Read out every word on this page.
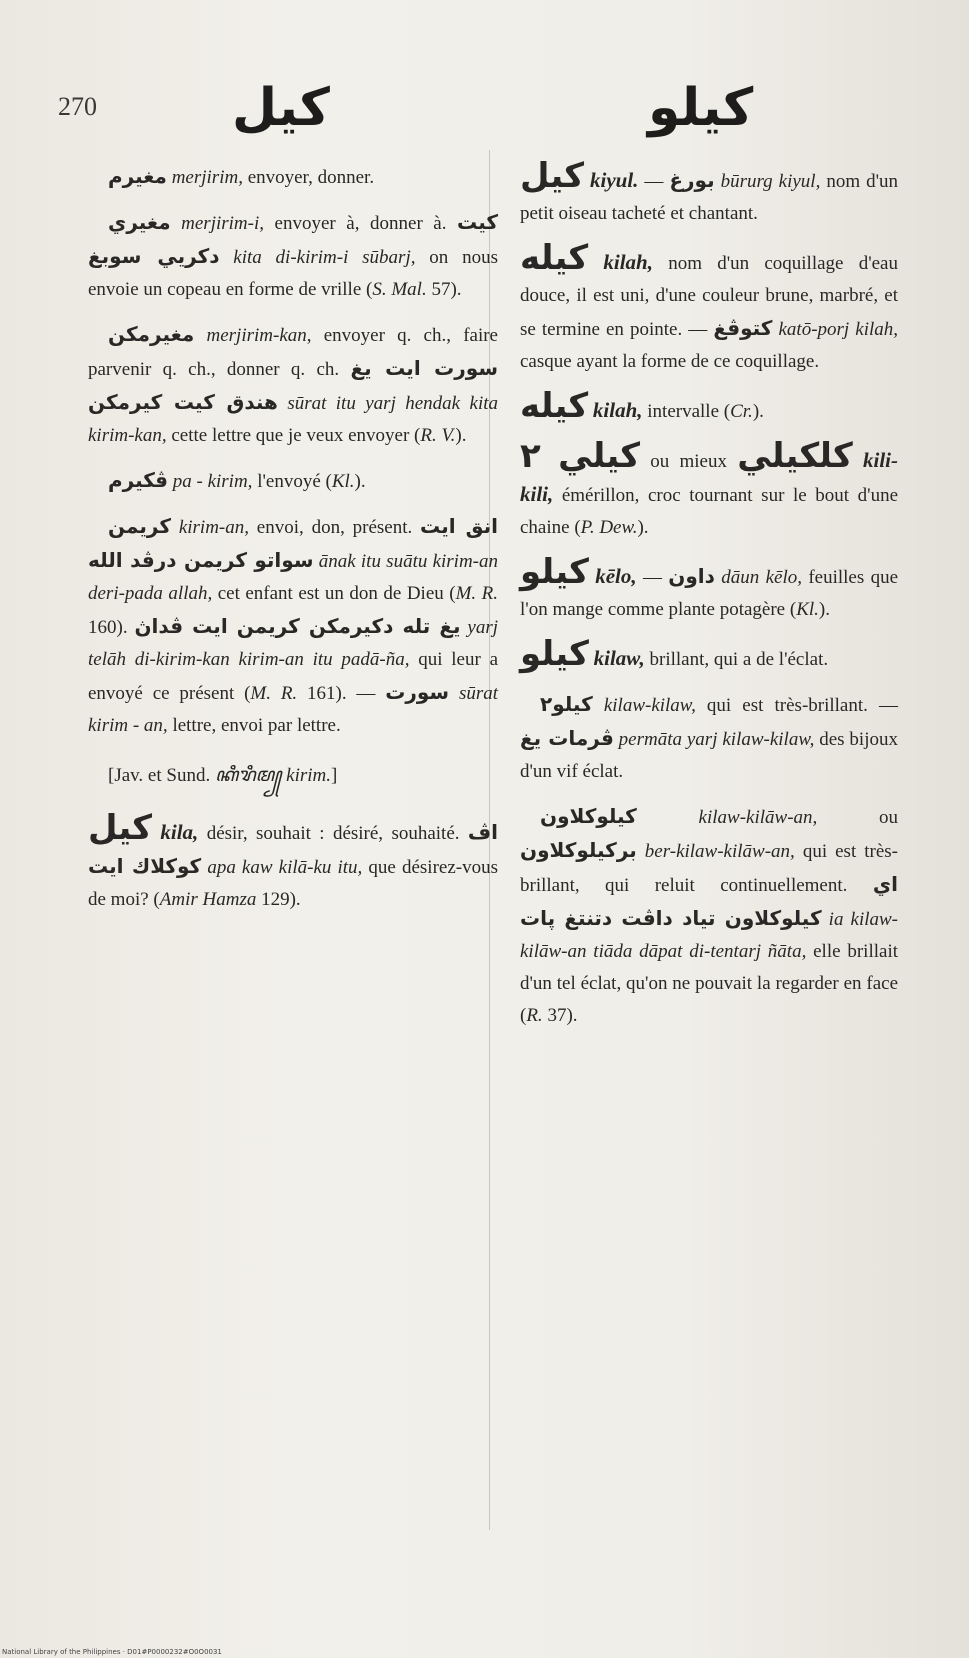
270	كيل	كيلو

مغيرم merjirim, envoyer, donner.

مغيري merjirim-i, envoyer à, donner à. كيت دكريي سوبغ kita di-kirim-i sūbarj, on nous envoie un copeau en forme de vrille (S. Mal. 57).

مغيرمكن merjirim-kan, envoyer q. ch., faire parvenir q. ch., donner q. ch. سورت ايت يغ هندق كيت كيرمكن sūrat itu yarj hendak kita kirim-kan, cette lettre que je veux envoyer (R. V.).

ڤكيرم pa - kirim, l'envoyé (Kl.).

كريمن kirim-an, envoi, don, présent. انق ايت سواتو كريمن درڤد الله ānak itu suātu kirim-an deri-pada allah, cet enfant est un don de Dieu (M. R. 160). يغ تله دكيرمكن كريمن ايت ڤداڽ yarj telāh di-kirim-kan kirim-an itu padā-ña, qui leur a envoyé ce présent (M. R. 161). — سورت sūrat kirim - an, lettre, envoi par lettre.

[Jav. et Sund. ꦏꦶꦫꦶꦩ꧀ kirim.]

كيل kila, désir, souhait : désiré, souhaité. اڤ كوكلاك ايت apa kaw kilā-ku itu, que désirez-vous de moi? (Amir Hamza 129).

كيل kiyul. — بورغ būrurg kiyul, nom d'un petit oiseau tacheté et chantant.

كيله kilah, nom d'un coquillage d'eau douce, il est uni, d'une couleur brune, marbré, et se termine en pointe. — كتوڤغ katō-porj kilah, casque ayant la forme de ce coquillage.

كيله kilah, intervalle (Cr.).

كيلي ٢ ou mieux كلكيلي kili-kili, émérillon, croc tournant sur le bout d'une chaine (P. Dew.).

كيلو kēlo, — داون dāun kēlo, feuilles que l'on mange comme plante potagère (Kl.).

كيلو kilaw, brillant, qui a de l'éclat.

كيلو٢ kilaw-kilaw, qui est très-brillant. — ڤرمات يغ permāta yarj kilaw-kilaw, des bijoux d'un vif éclat.

كيلوكلاون	kilaw-kilāw-an, ou بركيلوكلاون ber-kilaw-kilāw-an, qui est très-brillant, qui reluit continuellement. اي كيلوكلاون تياد داڤت دتنتغ ڽات ia kilaw-kilāw-an tiāda dāpat di-tentarj ñāta, elle brillait d'un tel éclat, qu'on ne pouvait la regarder en face (R. 37).

National Library of the Philippines · D01#P0000232#O0O0031
